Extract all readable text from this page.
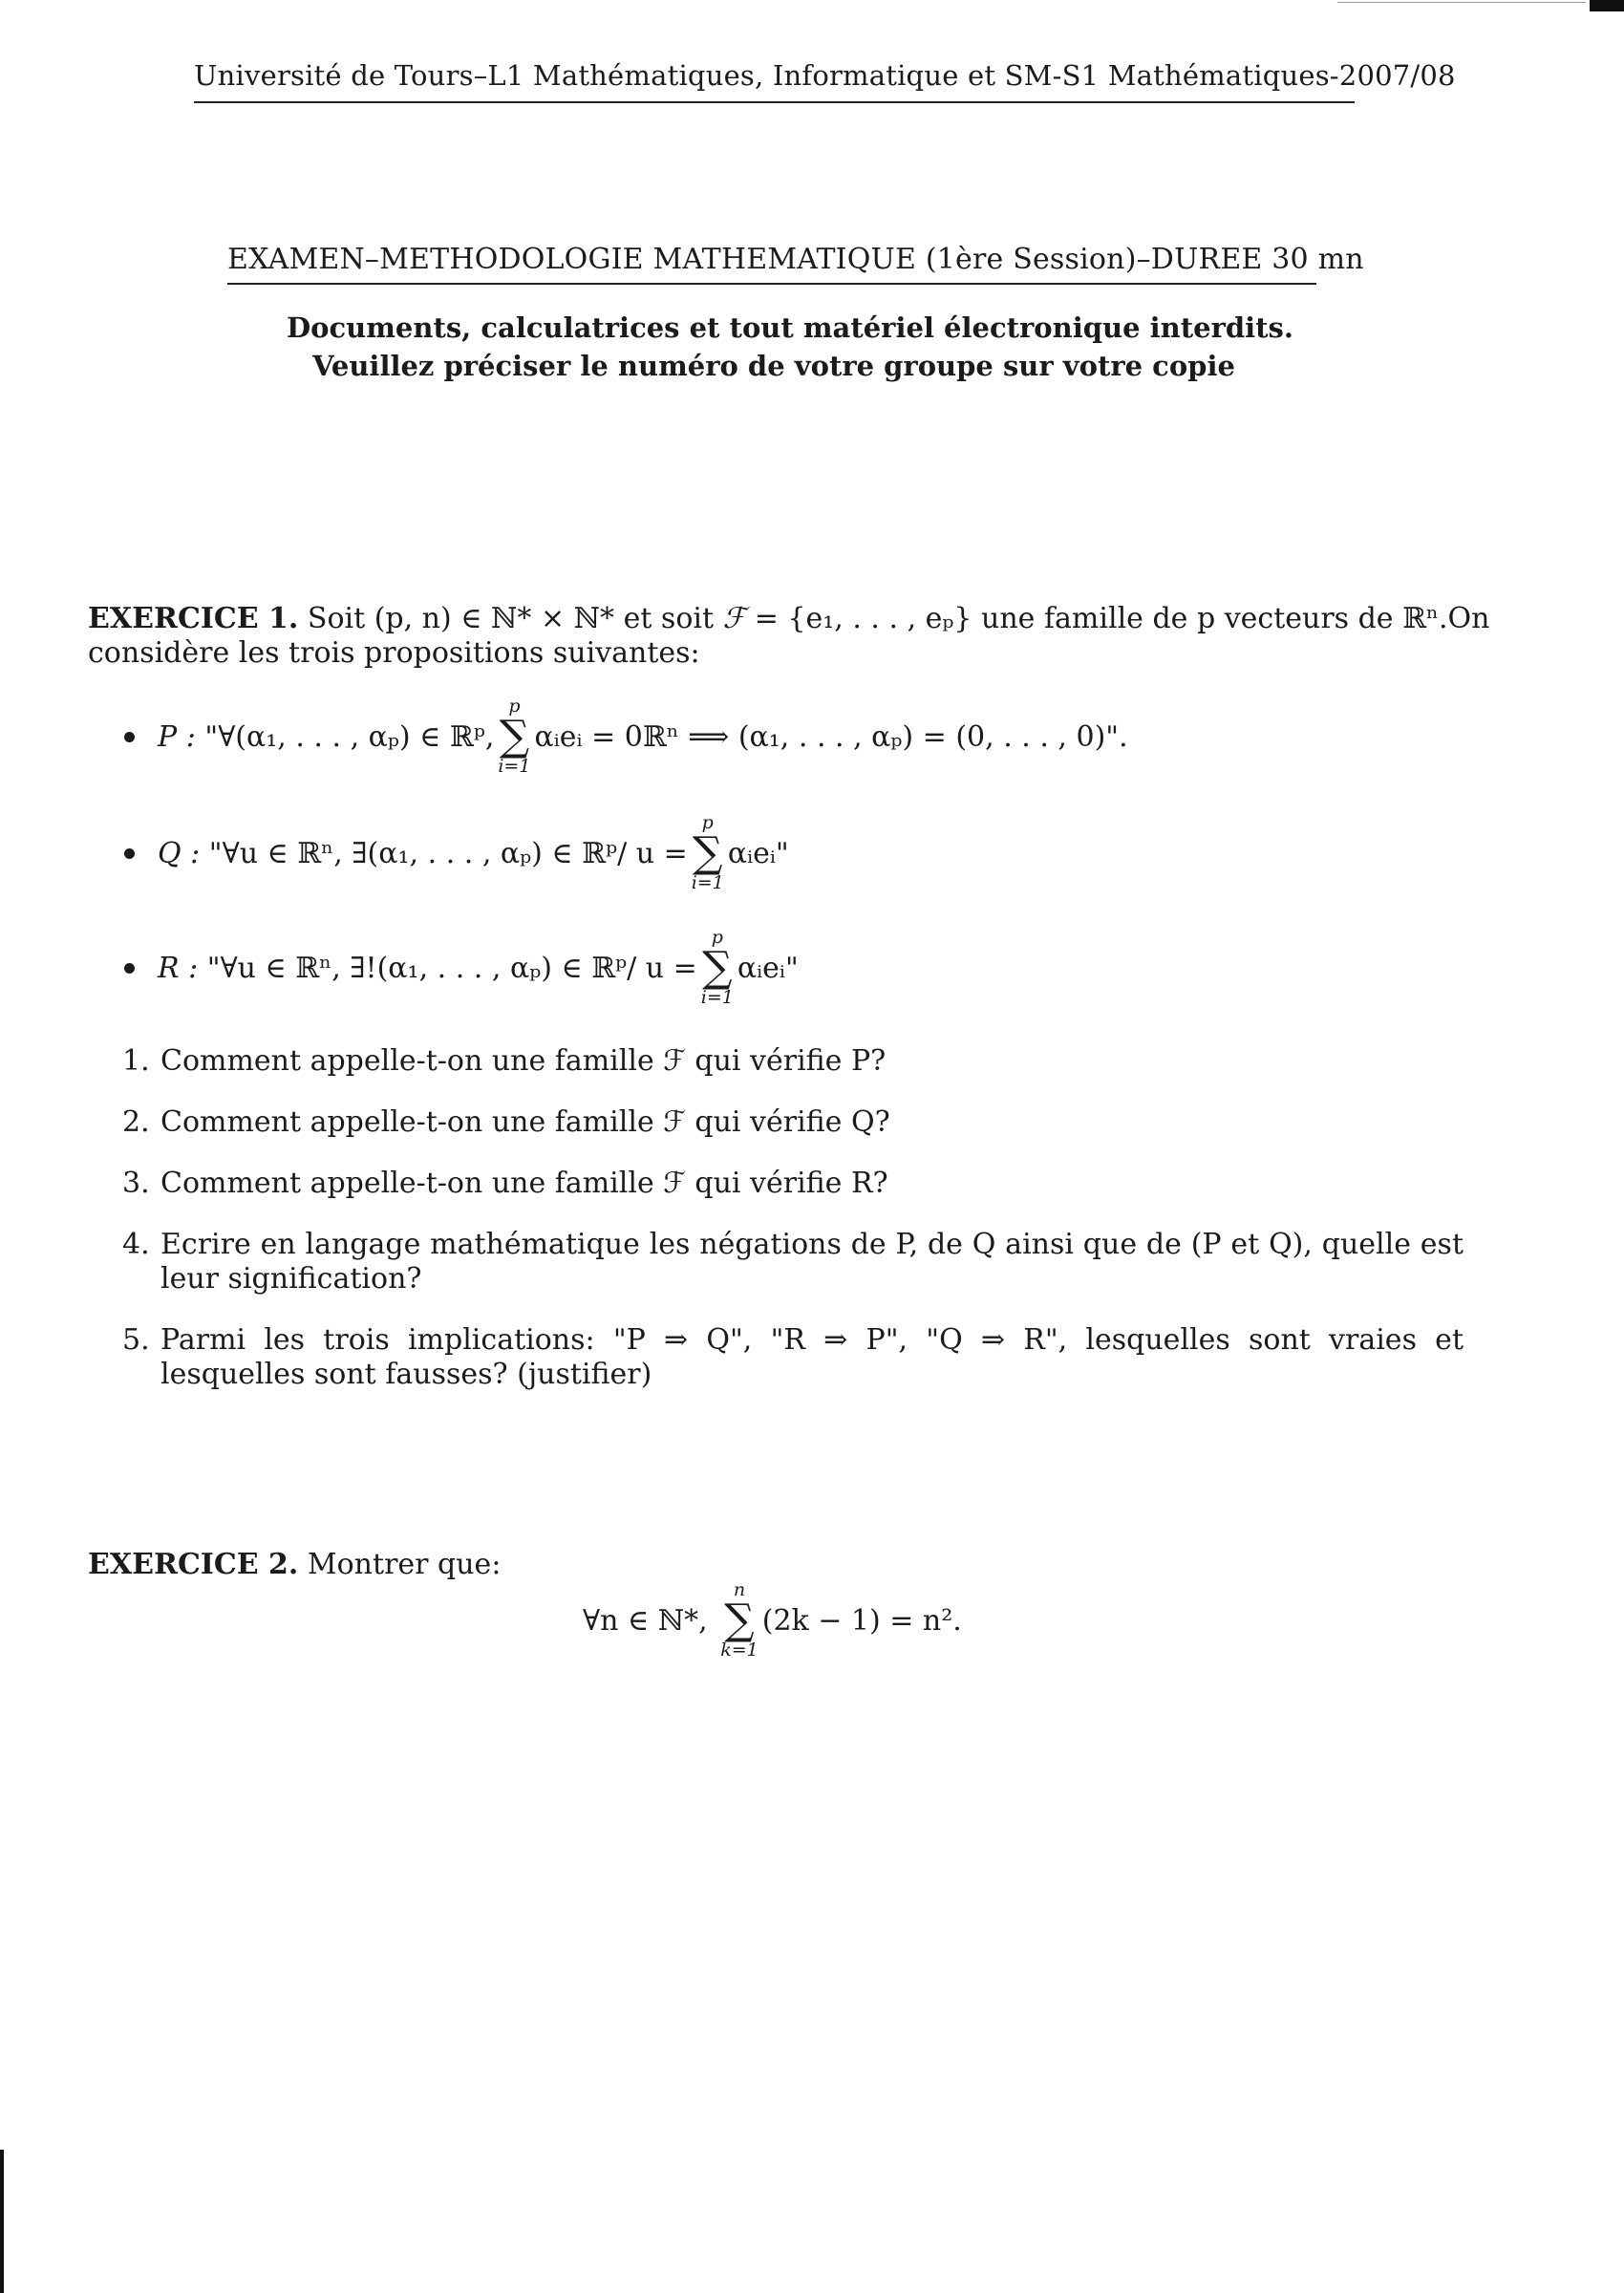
Université de Tours–L1 Mathématiques, Informatique et SM-S1 Mathématiques-2007/08
EXAMEN–METHODOLOGIE MATHEMATIQUE (1ère Session)–DUREE 30 mn
Documents, calculatrices et tout matériel électronique interdits.
Veuillez préciser le numéro de votre groupe sur votre copie
EXERCICE 1. Soit (p, n) ∈ ℕ* × ℕ* et soit ℱ = {e₁, . . . , eₚ} une famille de p vecteurs de ℝⁿ. On
considère les trois propositions suivantes:
P :
"∀(α₁, . . . , αₚ) ∈ ℝᵖ,
p
∑
i=1
αᵢeᵢ = 0ℝⁿ ⟹ (α₁, . . . , αₚ) = (0, . . . , 0)".
Q :
"∀u ∈ ℝⁿ, ∃(α₁, . . . , αₚ) ∈ ℝᵖ/ u =
p
∑
i=1
αᵢeᵢ"
R :
"∀u ∈ ℝⁿ, ∃!(α₁, . . . , αₚ) ∈ ℝᵖ/ u =
p
∑
i=1
αᵢeᵢ"
1. Comment appelle-t-on une famille ℱ qui vérifie P?
2. Comment appelle-t-on une famille ℱ qui vérifie Q?
3. Comment appelle-t-on une famille ℱ qui vérifie R?
4. Ecrire en langage mathématique les négations de P, de Q ainsi que de (P et Q), quelle est leur signification?
5. Parmi les trois implications: "P ⇒ Q", "R ⇒ P", "Q ⇒ R", lesquelles sont vraies et lesquelles sont fausses? (justifier)
EXERCICE 2. Montrer que:
∀n ∈ ℕ*,

n
∑
k=1
(2k − 1) = n².
